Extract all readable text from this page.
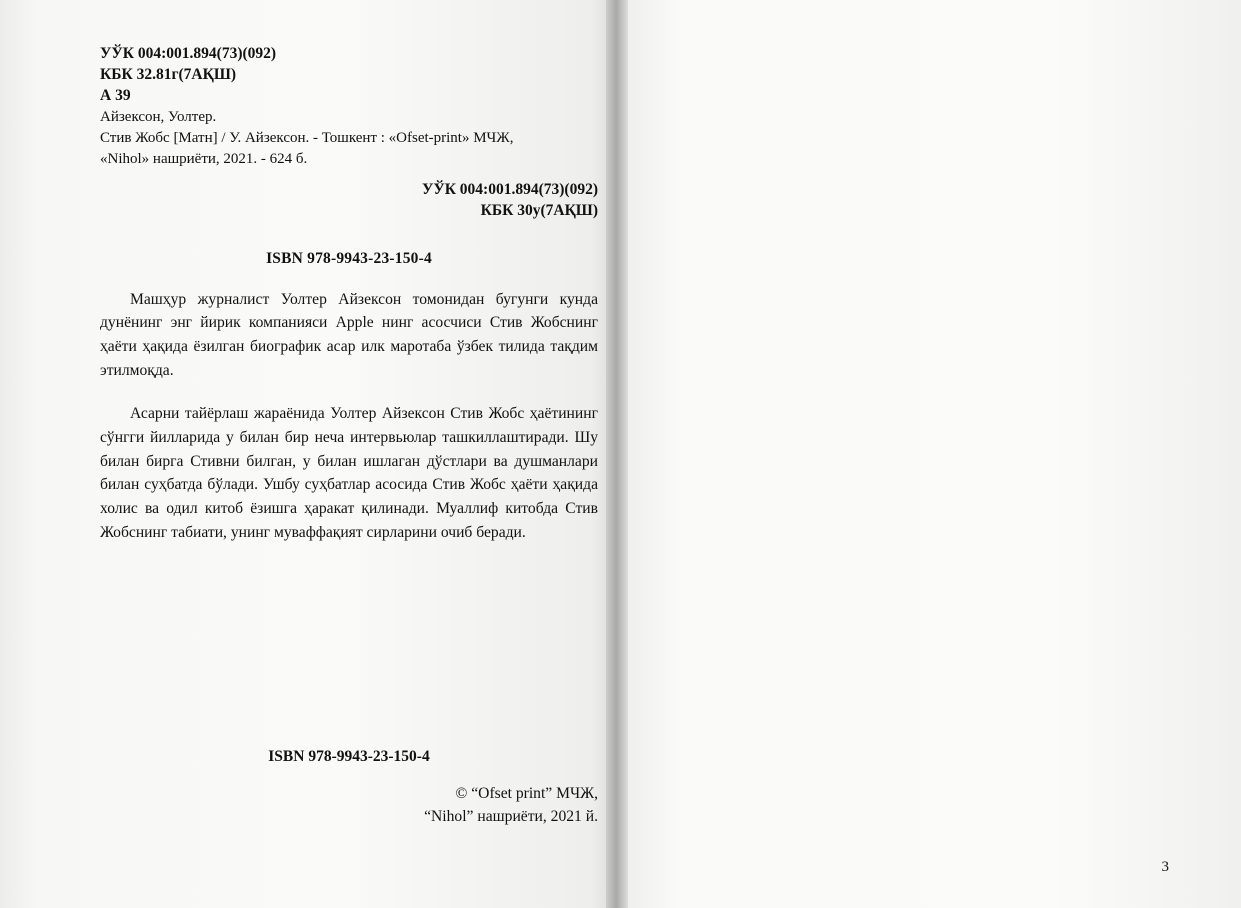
УЎК 004:001.894(73)(092)
КБК 32.81г(7АҚШ)
А 39
Айзексон, Уолтер.
Стив Жобс [Матн] / У. Айзексон. - Тошкент : «Ofset-print» МЧЖ,
«Nihol» нашриёти, 2021. - 624 б.
УЎК 004:001.894(73)(092)
КБК 30у(7АҚШ)
ISBN 978-9943-23-150-4

Машҳур журналист Уолтер Айзексон томонидан бугунги кунда дунёнинг энг йирик компанияси Apple нинг асосчиси Стив Жобснинг ҳаёти ҳақида ёзилган биографик асар илк маротаба ўзбек тилида тақдим этилмоқда.

Асарни тайёрлаш жараёнида Уолтер Айзексон Стив Жобс ҳаётининг сўнгги йилларида у билан бир неча интервьюлар ташкиллаштиради. Шу билан бирга Стивни билган, у билан ишлаган дўстлари ва душманлари билан суҳбатда бўлади. Ушбу суҳбатлар асосида Стив Жобс ҳаёти ҳақида холис ва одил китоб ёзишга ҳаракат қилинади. Муаллиф китобда Стив Жобснинг табиати, унинг муваффақият сирларини очиб беради.

ISBN 978-9943-23-150-4
© “Ofset print” МЧЖ,
“Nihol” нашриёти, 2021 й.

3
